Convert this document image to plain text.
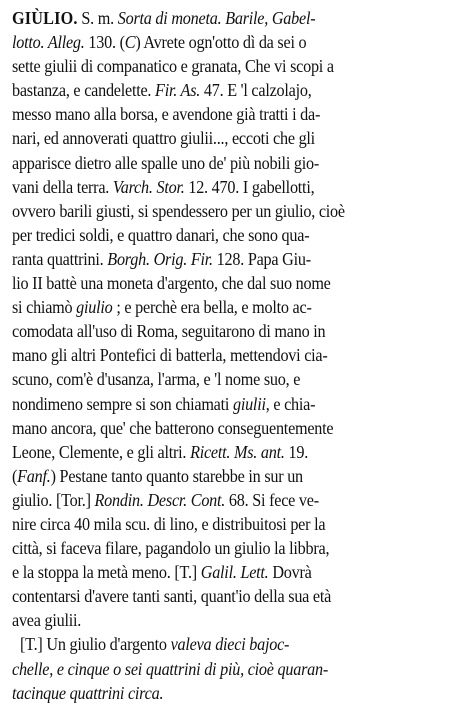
GIÙLIO. S. m. Sorta di moneta. Barile, Gabel-
lotto. Alleg. 130. (C) Avrete ogn'otto dì da sei o
sette giulii di companatico e granata, Che vi scopi a
bastanza, e candelette. Fir. As. 47. E 'l calzolajo,
messo mano alla borsa, e avendone già tratti i da-
nari, ed annoverati quattro giulii..., eccoti che gli
apparisce dietro alle spalle uno de' più nobili gio-
vani della terra. Varch. Stor. 12. 470. I gabellotti,
ovvero barili giusti, si spendessero per un giulio, cioè
per tredici soldi, e quattro danari, che sono qua-
ranta quattrini. Borgh. Orig. Fir. 128. Papa Giu-
lio II battè una moneta d'argento, che dal suo nome
si chiamò giulio ; e perchè era bella, e molto ac-
comodata all'uso di Roma, seguitarono di mano in
mano gli altri Pontefici di batterla, mettendovi cia-
scuno, com'è d'usanza, l'arma, e 'l nome suo, e
nondimeno sempre si son chiamati giulii, e chia-
mano ancora, que' che batterono conseguentemente
Leone, Clemente, e gli altri. Ricett. Ms. ant. 19.
(Fanf.) Pestane tanto quanto starebbe in sur un
giulio. [Tor.] Rondin. Descr. Cont. 68. Si fece ve-
nire circa 40 mila scu. di lino, e distribuitosi per la
città, si faceva filare, pagandolo un giulio la libbra,
e la stoppa la metà meno. [T.] Galil. Lett. Dovrà
contentarsi d'avere tanti santi, quant'io della sua età
avea giulii.
[T.] Un giulio d'argento valeva dieci bajoc-
chelle, e cinque o sei quattrini di più, cioè quaran-
tacinque quattrini circa.
